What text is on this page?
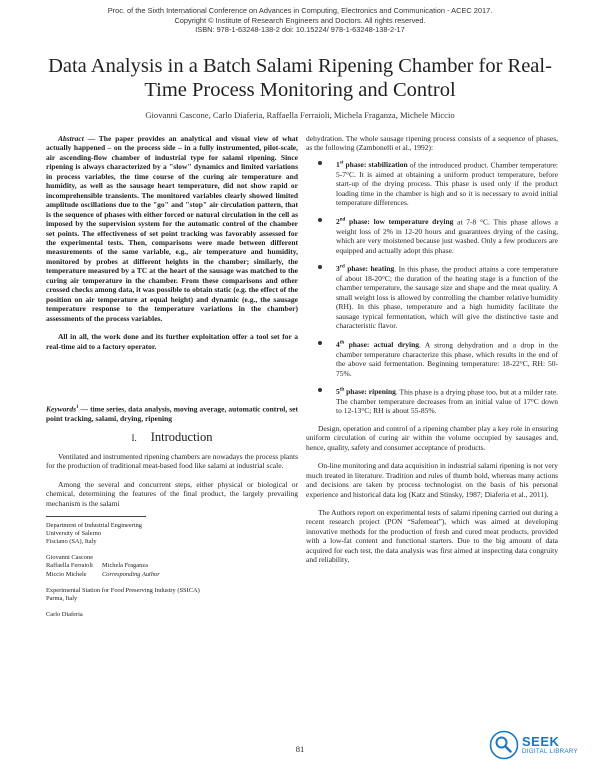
Proc. of the Sixth International Conference on Advances in Computing, Electronics and Communication - ACEC 2017.
Copyright © Institute of Research Engineers and Doctors. All rights reserved.
ISBN: 978-1-63248-138-2 doi: 10.15224/ 978-1-63248-138-2-17
Data Analysis in a Batch Salami Ripening Chamber for Real-Time Process Monitoring and Control
Giovanni Cascone, Carlo Diaferia, Raffaella Ferraioli, Michela Fraganza, Michele Miccio

Abstract — The paper provides an analytical and visual view of what actually happened – on the process side – in a fully instrumented, pilot-scale, air ascending-flow chamber of industrial type for salami ripening. Since ripening is always characterized by a "slow" dynamics and limited variations in process variables, the time course of the curing air temperature and humidity, as well as the sausage heart temperature, did not show rapid or incomprehensible transients. The monitored variables clearly showed limited amplitude oscillations due to the "go" and "stop" air circulation pattern, that is the sequence of phases with either forced or natural circulation in the cell as imposed by the supervision system for the automatic control of the chamber set points. The effectiveness of set point tracking was favorably assessed for the experimental tests. Then, comparisons were made between different measurements of the same variable, e.g., air temperature and humidity, monitored by probes at different heights in the chamber; similarly, the temperature measured by a TC at the heart of the sausage was matched to the curing air temperature in the chamber. From these comparisons and other crossed checks among data, it was possible to obtain static (e.g. the effect of the position on air temperature at equal height) and dynamic (e.g., the sausage temperature response to the temperature variations in the chamber) assessments of the process variables.

All in all, the work done and its further exploitation offer a tool set for a real-time aid to a factory operator.

Keywords$^1$ — time series, data analysis, moving average, automatic control, set point tracking, salami, drying, ripening

I. Introduction

Ventilated and instrumented ripening chambers are nowadays the process plants for the production of traditional meat-based food like salami at industrial scale.

Among the several and concurrent steps, either physical or biological or chemical, determining the features of the final product, the largely prevailing mechanism is the salami

Department of Industrial Engineering
University of Salerno
Fisciano (SA), Italy
Giovanni Cascone
Raffaella Ferraioli	Michela Fraganza
Miccio Michele	Corresponding Author
Experimental Station for Food Preserving Industry (SSICA)
Parma, Italy
Carlo Diaferia

dehydration. The whole sausage ripening process consists of a sequence of phases, as the following (Zambonelli et al., 1992):

1st phase: stabilization of the introduced product. Chamber temperature: 5-7°C. It is aimed at obtaining a uniform product temperature, before start-up of the drying process. This phase is used only if the product loading time in the chamber is high and so it is necessary to avoid initial temperature differences.
2nd phase: low temperature drying at 7-8 °C. This phase allows a weight loss of 2% in 12-20 hours and guarantees drying of the casing, which are very moistened because just washed. Only a few producers are equipped and actually adopt this phase.
3rd phase: heating. In this phase, the product attains a core temperature of about 18-20°C; the duration of the heating stage is a function of the chamber temperature, the sausage size and shape and the meat quality. A small weight loss is allowed by controlling the chamber relative humidity (RH). In this phase, temperature and a high humidity facilitate the sausage typical fermentation, which will give the distinctive taste and characteristic flavor.
4th phase: actual drying. A strong dehydration and a drop in the chamber temperature characterize this phase, which results in the end of the above said fermentation. Beginning temperature: 18-22°C, RH: 50-75%.
5th phase: ripening. This phase is a drying phase too, but at a milder rate. The chamber temperature decreases from an initial value of 17°C down to 12-13°C; RH is about 55-85%.

Design, operation and control of a ripening chamber play a key role in ensuring uniform circulation of curing air within the volume occupied by sausages and, hence, quality, safety and consumer acceptance of products.

On-line monitoring and data acquisition in industrial salami ripening is not very much treated in literature. Tradition and rules of thumb hold, whereas many actions and decisions are taken by process technologist on the basis of his personal experience and historical data log (Katz and Stinsky, 1987; Diaferia et al., 2011).

The Authors report on experimental tests of salami ripening carried out during a recent research project (PON “Safemeat”), which was aimed at developing innovative methods for the production of fresh and cured meat products, provided with a low-fat content and functional starters. Due to the big amount of data acquired for each test, the data analysis was first aimed at inspecting data congruity and reliability,

81
SEEK
DIGITAL LIBRARY
